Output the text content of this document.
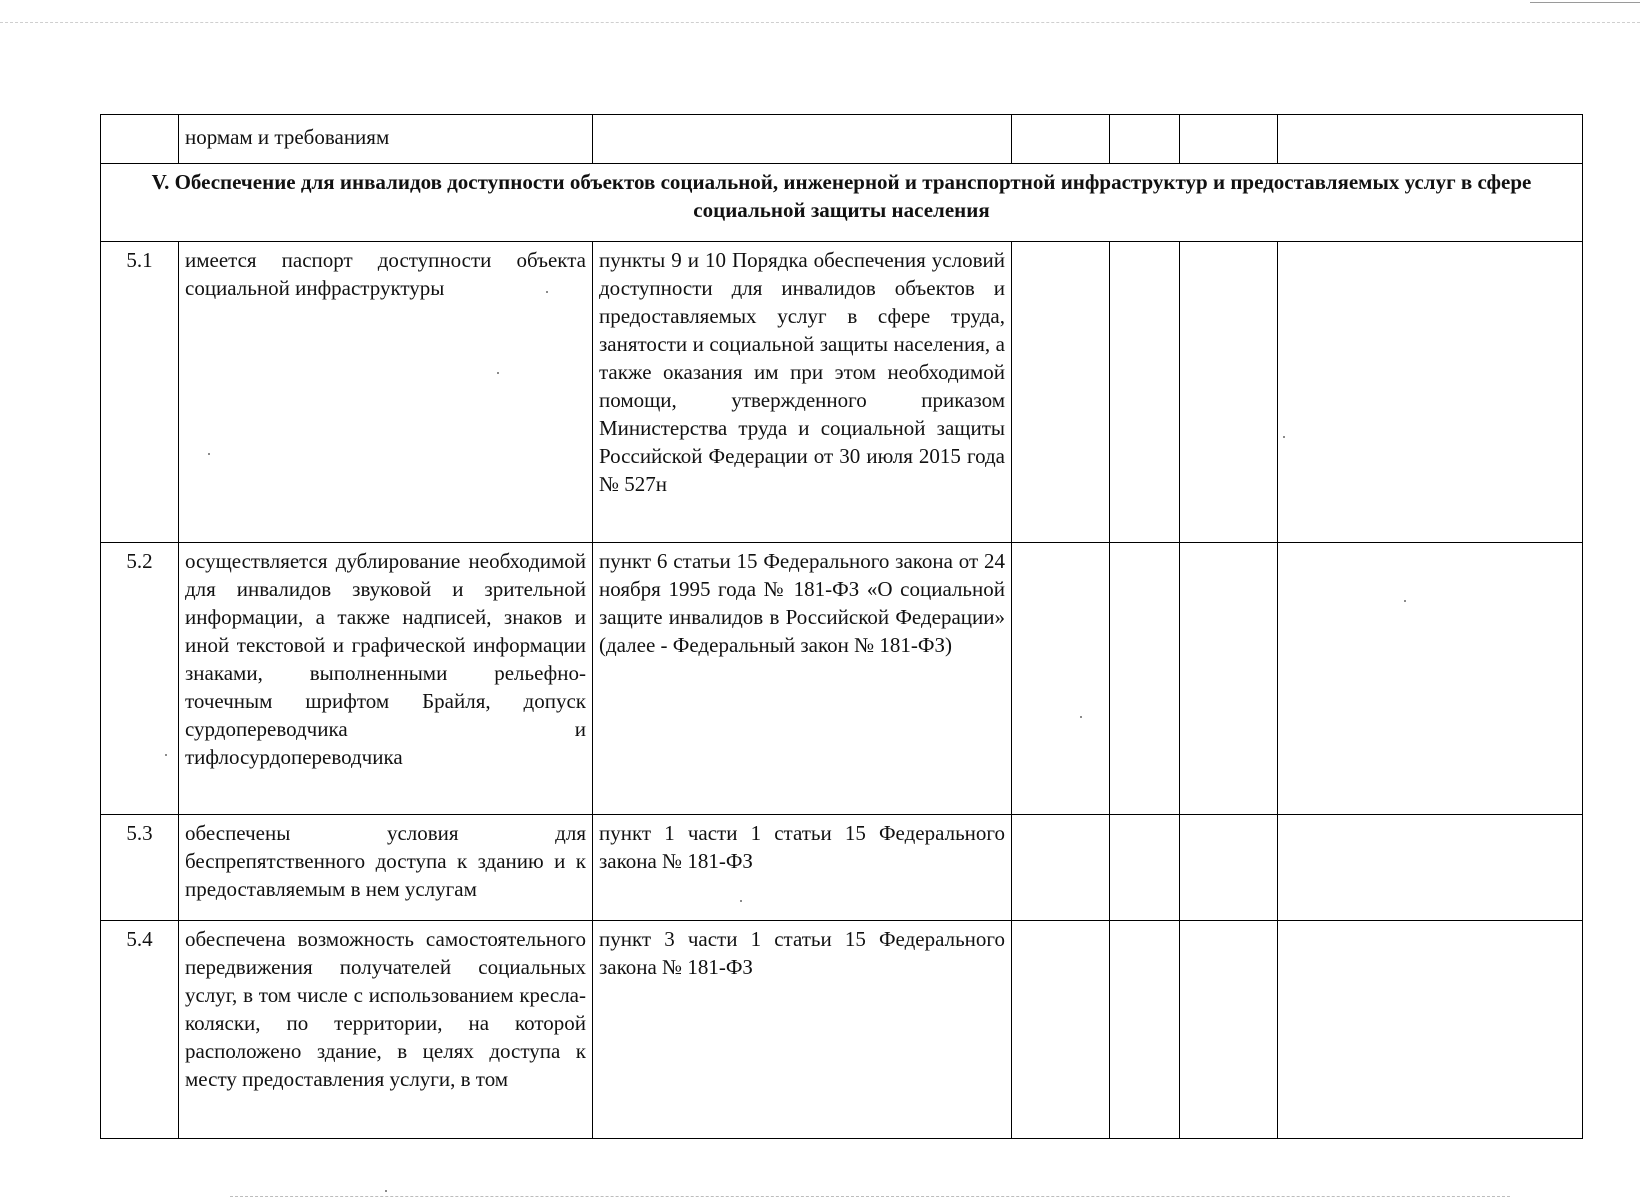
	нормам и требованиям					
V. Обеспечение для инвалидов доступности объектов социальной, инженерной и транспортной инфраструктур и предоставляемых услуг в сфере социальной защиты населения						
5.1	имеется паспорт доступности объекта социальной инфраструктуры	пункты 9 и 10 Порядка обеспечения условий доступности для инвалидов объектов и предоставляемых услуг в сфере труда, занятости и социальной защиты населения, а также оказания им при этом необходимой помощи, утвержденного приказом Министерства труда и социальной защиты Российской Федерации от 30 июля 2015 года № 527н				
5.2	осуществляется дублирование необходимой для инвалидов звуковой и зрительной информации, а также надписей, знаков и иной текстовой и графической информации знаками, выполненными рельефно-точечным шрифтом Брайля, допуск сурдопереводчика и тифлосурдопереводчика	пункт 6 статьи 15 Федерального закона от 24 ноября 1995 года № 181-ФЗ «О социальной защите инвалидов в Российской Федерации» (далее - Федеральный закон № 181-ФЗ)				
5.3	обеспечены условия для беспрепятственного доступа к зданию и к предоставляемым в нем услугам	пункт 1 части 1 статьи 15 Федерального закона № 181-ФЗ				
5.4	обеспечена возможность самостоятельного передвижения получателей социальных услуг, в том числе с использованием кресла-коляски, по территории, на которой расположено здание, в целях доступа к месту предоставления услуги, в том	пункт 3 части 1 статьи 15 Федерального закона № 181-ФЗ				
